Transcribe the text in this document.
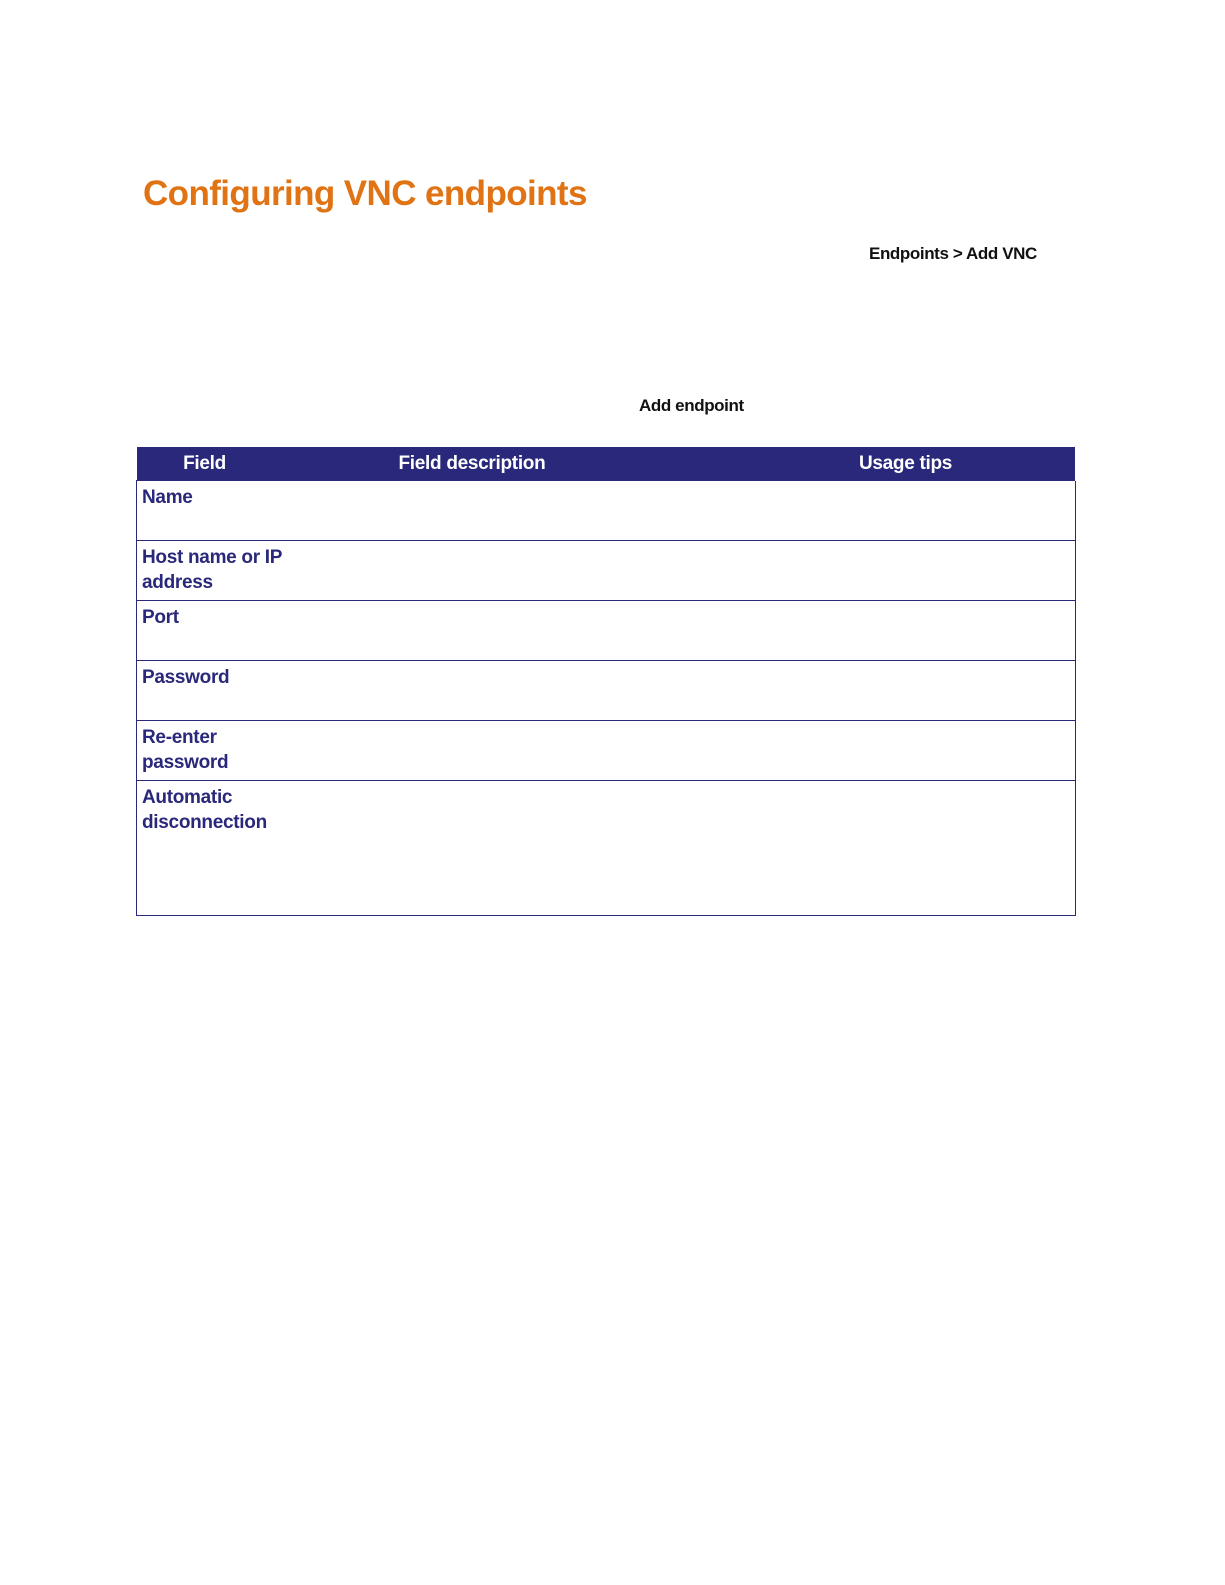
Configuring VNC endpoints
Endpoints > Add VNC
Add endpoint
Field	Field description	Usage tips

Name		

Host name or IP address		

Port		

Password		

Re-enter password		

Automatic disconnection		
